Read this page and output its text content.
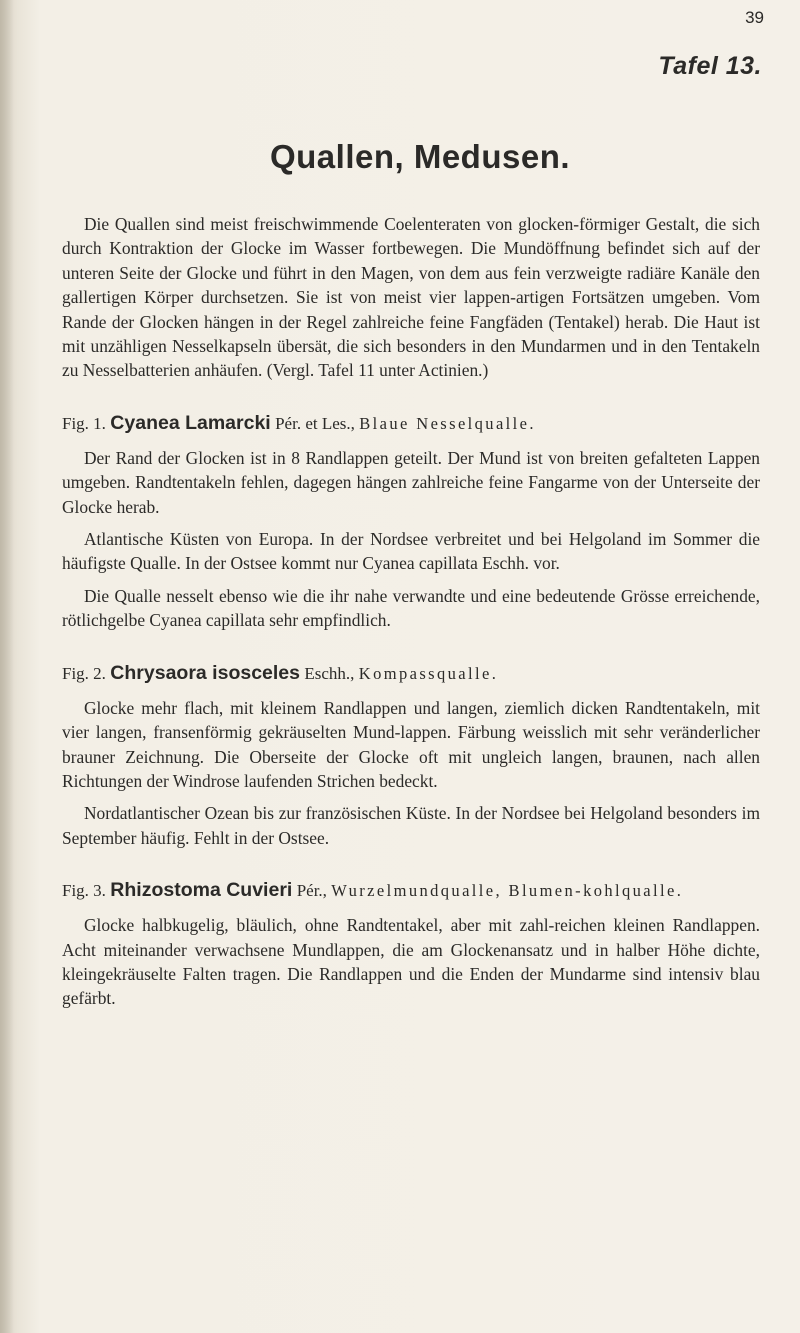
39
Tafel 13.
Quallen, Medusen.

Die Quallen sind meist freischwimmende Coelenteraten von glocken-förmiger Gestalt, die sich durch Kontraktion der Glocke im Wasser fortbewegen. Die Mundöffnung befindet sich auf der unteren Seite der Glocke und führt in den Magen, von dem aus fein verzweigte radiäre Kanäle den gallertigen Körper durchsetzen. Sie ist von meist vier lappen-artigen Fortsätzen umgeben. Vom Rande der Glocken hängen in der Regel zahlreiche feine Fangfäden (Tentakel) herab. Die Haut ist mit unzähligen Nesselkapseln übersät, die sich besonders in den Mundarmen und in den Tentakeln zu Nesselbatterien anhäufen. (Vergl. Tafel 11 unter Actinien.)

Fig. 1. Cyanea Lamarcki Pér. et Les., Blaue Nesselqualle.

Der Rand der Glocken ist in 8 Randlappen geteilt. Der Mund ist von breiten gefalteten Lappen umgeben. Randtentakeln fehlen, dagegen hängen zahlreiche feine Fangarme von der Unterseite der Glocke herab.

Atlantische Küsten von Europa. In der Nordsee verbreitet und bei Helgoland im Sommer die häufigste Qualle. In der Ostsee kommt nur Cyanea capillata Eschh. vor.

Die Qualle nesselt ebenso wie die ihr nahe verwandte und eine bedeutende Grösse erreichende, rötlichgelbe Cyanea capillata sehr empfindlich.

Fig. 2. Chrysaora isosceles Eschh., Kompassqualle.

Glocke mehr flach, mit kleinem Randlappen und langen, ziemlich dicken Randtentakeln, mit vier langen, fransenförmig gekräuselten Mund-lappen. Färbung weisslich mit sehr veränderlicher brauner Zeichnung. Die Oberseite der Glocke oft mit ungleich langen, braunen, nach allen Richtungen der Windrose laufenden Strichen bedeckt.

Nordatlantischer Ozean bis zur französischen Küste. In der Nordsee bei Helgoland besonders im September häufig. Fehlt in der Ostsee.

Fig. 3. Rhizostoma Cuvieri Pér., Wurzelmundqualle, Blumen-kohlqualle.

Glocke halbkugelig, bläulich, ohne Randtentakel, aber mit zahl-reichen kleinen Randlappen. Acht miteinander verwachsene Mundlappen, die am Glockenansatz und in halber Höhe dichte, kleingekräuselte Falten tragen. Die Randlappen und die Enden der Mundarme sind intensiv blau gefärbt.
